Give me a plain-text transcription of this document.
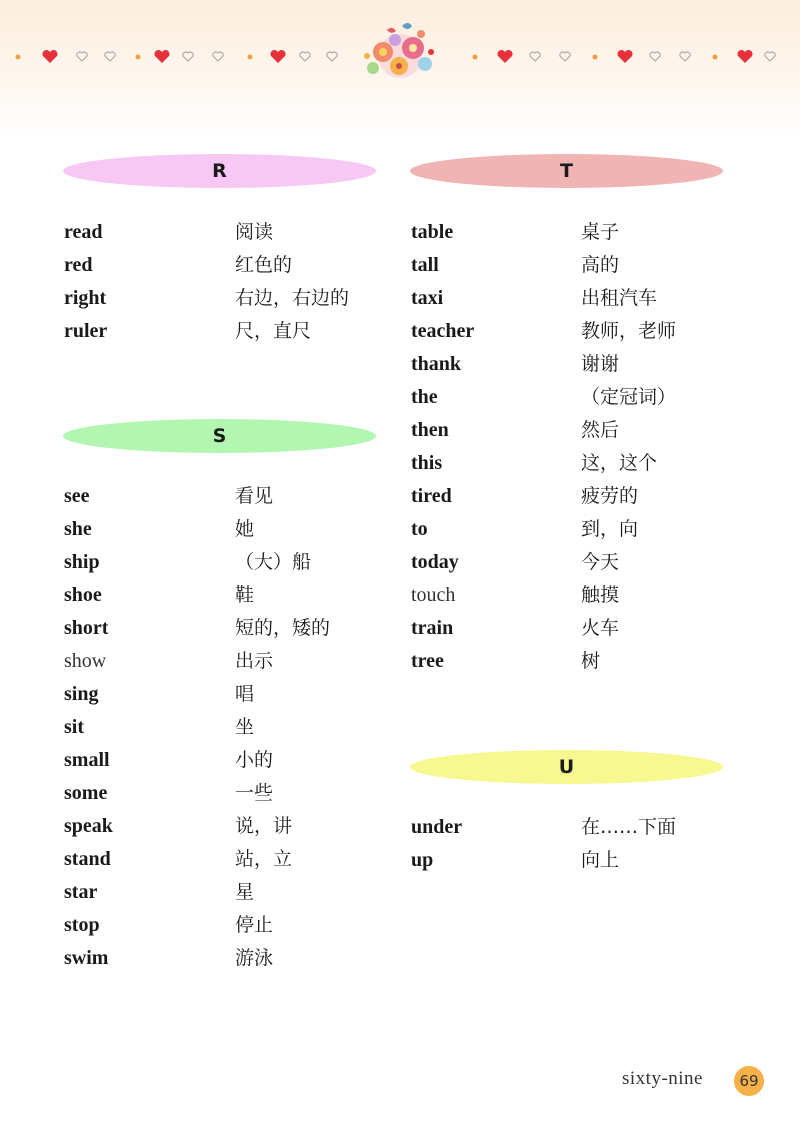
R
read	阅读
red	红色的
right	右边，右边的
ruler	尺，直尺
S
see	看见
she	她
ship	（大）船
shoe	鞋
short	短的，矮的
show	出示
sing	唱
sit	坐
small	小的
some	一些
speak	说，讲
stand	站，立
star	星
stop	停止
swim	游泳
T
table	桌子
tall	高的
taxi	出租汽车
teacher	教师，老师
thank	谢谢
the	（定冠词）
then	然后
this	这，这个
tired	疲劳的
to	到，向
today	今天
touch	触摸
train	火车
tree	树
U
under	在……下面
up	向上
sixty-nine	69
